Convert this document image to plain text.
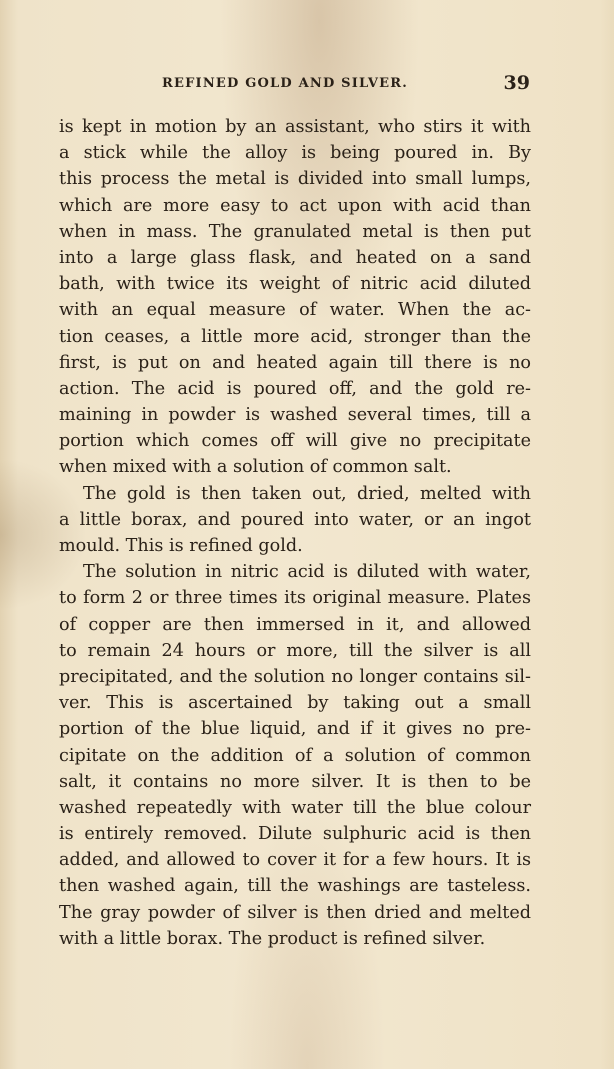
REFINED GOLD AND SILVER.	39
is kept in motion by an assistant, who stirs it with
a stick while the alloy is being poured in. By
this process the metal is divided into small lumps,
which are more easy to act upon with acid than
when in mass. The granulated metal is then put
into a large glass flask, and heated on a sand
bath, with twice its weight of nitric acid diluted
with an equal measure of water. When the ac-
tion ceases, a little more acid, stronger than the
first, is put on and heated again till there is no
action. The acid is poured off, and the gold re-
maining in powder is washed several times, till a
portion which comes off will give no precipitate
when mixed with a solution of common salt.
The gold is then taken out, dried, melted with
a little borax, and poured into water, or an ingot
mould. This is refined gold.
The solution in nitric acid is diluted with water,
to form 2 or three times its original measure. Plates
of copper are then immersed in it, and allowed
to remain 24 hours or more, till the silver is all
precipitated, and the solution no longer contains sil-
ver. This is ascertained by taking out a small
portion of the blue liquid, and if it gives no pre-
cipitate on the addition of a solution of common
salt, it contains no more silver. It is then to be
washed repeatedly with water till the blue colour
is entirely removed. Dilute sulphuric acid is then
added, and allowed to cover it for a few hours. It is
then washed again, till the washings are tasteless.
The gray powder of silver is then dried and melted
with a little borax. The product is refined silver.
